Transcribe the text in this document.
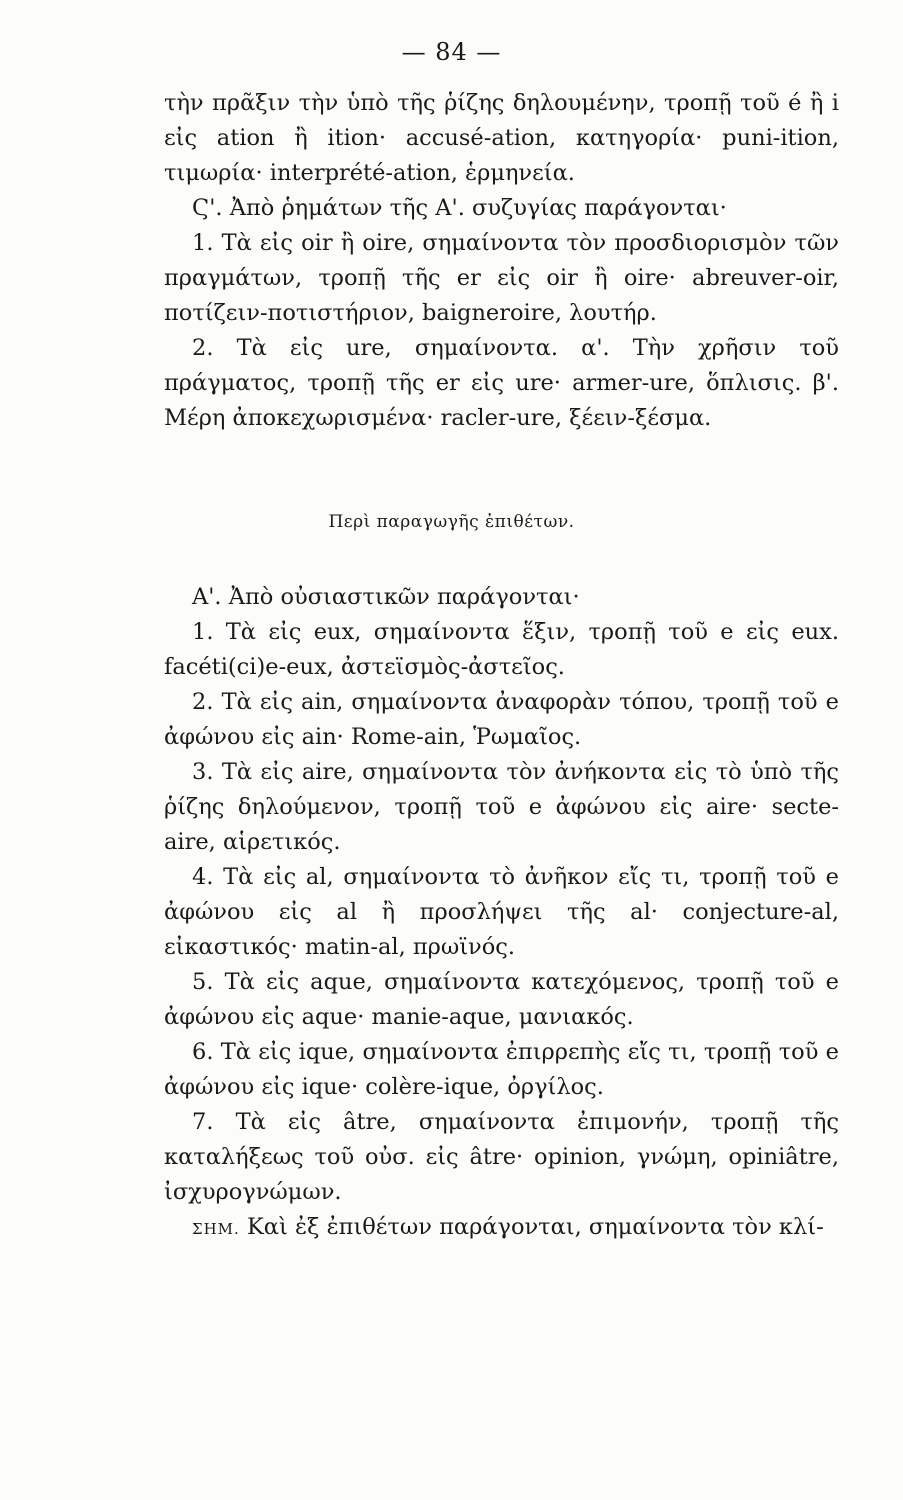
— 84 —

τὴν πρᾶξιν τὴν ὑπὸ τῆς ῥίζης δηλουμένην, τροπῇ τοῦ é ἢ i εἰς ation ἢ ition· accusé-ation, κατηγορία· puni-ition, τιμωρία· interprété-ation, ἑρμηνεία.

Ϛ'. Ἀπὸ ῥημάτων τῆς Α'. συζυγίας παράγονται·

1. Τὰ εἰς oir ἢ oire, σημαίνοντα τὸν προσδιορισμὸν τῶν πραγμάτων, τροπῇ τῆς er εἰς oir ἢ oire· abreuver-oir, ποτίζειν-ποτιστήριον, baigneroire, λουτήρ.

2. Τὰ εἰς ure, σημαίνοντα. α'. Τὴν χρῆσιν τοῦ πράγματος, τροπῇ τῆς er εἰς ure· armer-ure, ὅπλισις. β'. Μέρη ἀποκεχωρισμένα· racler-ure, ξέειν-ξέσμα.

Περὶ παραγωγῆς ἐπιθέτων.

Α'. Ἀπὸ οὐσιαστικῶν παράγονται·

1. Τὰ εἰς eux, σημαίνοντα ἕξιν, τροπῇ τοῦ e εἰς eux. facéti(ci)e-eux, ἀστεϊσμὸς-ἀστεῖος.

2. Τὰ εἰς ain, σημαίνοντα ἀναφορὰν τόπου, τροπῇ τοῦ e ἀφώνου εἰς ain· Rome-ain, Ῥωμαῖος.

3. Τὰ εἰς aire, σημαίνοντα τὸν ἀνήκοντα εἰς τὸ ὑπὸ τῆς ῥίζης δηλούμενον, τροπῇ τοῦ e ἀφώνου εἰς aire· secte-aire, αἱρετικός.

4. Τὰ εἰς al, σημαίνοντα τὸ ἀνῆκον εἴς τι, τροπῇ τοῦ e ἀφώνου εἰς al ἢ προσλήψει τῆς al· conjecture-al, εἰκαστικός· matin-al, πρωϊνός.

5. Τὰ εἰς aque, σημαίνοντα κατεχόμενος, τροπῇ τοῦ e ἀφώνου εἰς aque· manie-aque, μανιακός.

6. Τὰ εἰς ique, σημαίνοντα ἐπιρρεπὴς εἴς τι, τροπῇ τοῦ e ἀφώνου εἰς ique· colère-ique, ὀργίλος.

7. Τὰ εἰς âtre, σημαίνοντα ἐπιμονήν, τροπῇ τῆς καταλήξεως τοῦ οὐσ. εἰς âtre· opinion, γνώμη, opiniâtre, ἰσχυρογνώμων.

ΣΗΜ. Καὶ ἐξ ἐπιθέτων παράγονται, σημαίνοντα τὸν κλί-
